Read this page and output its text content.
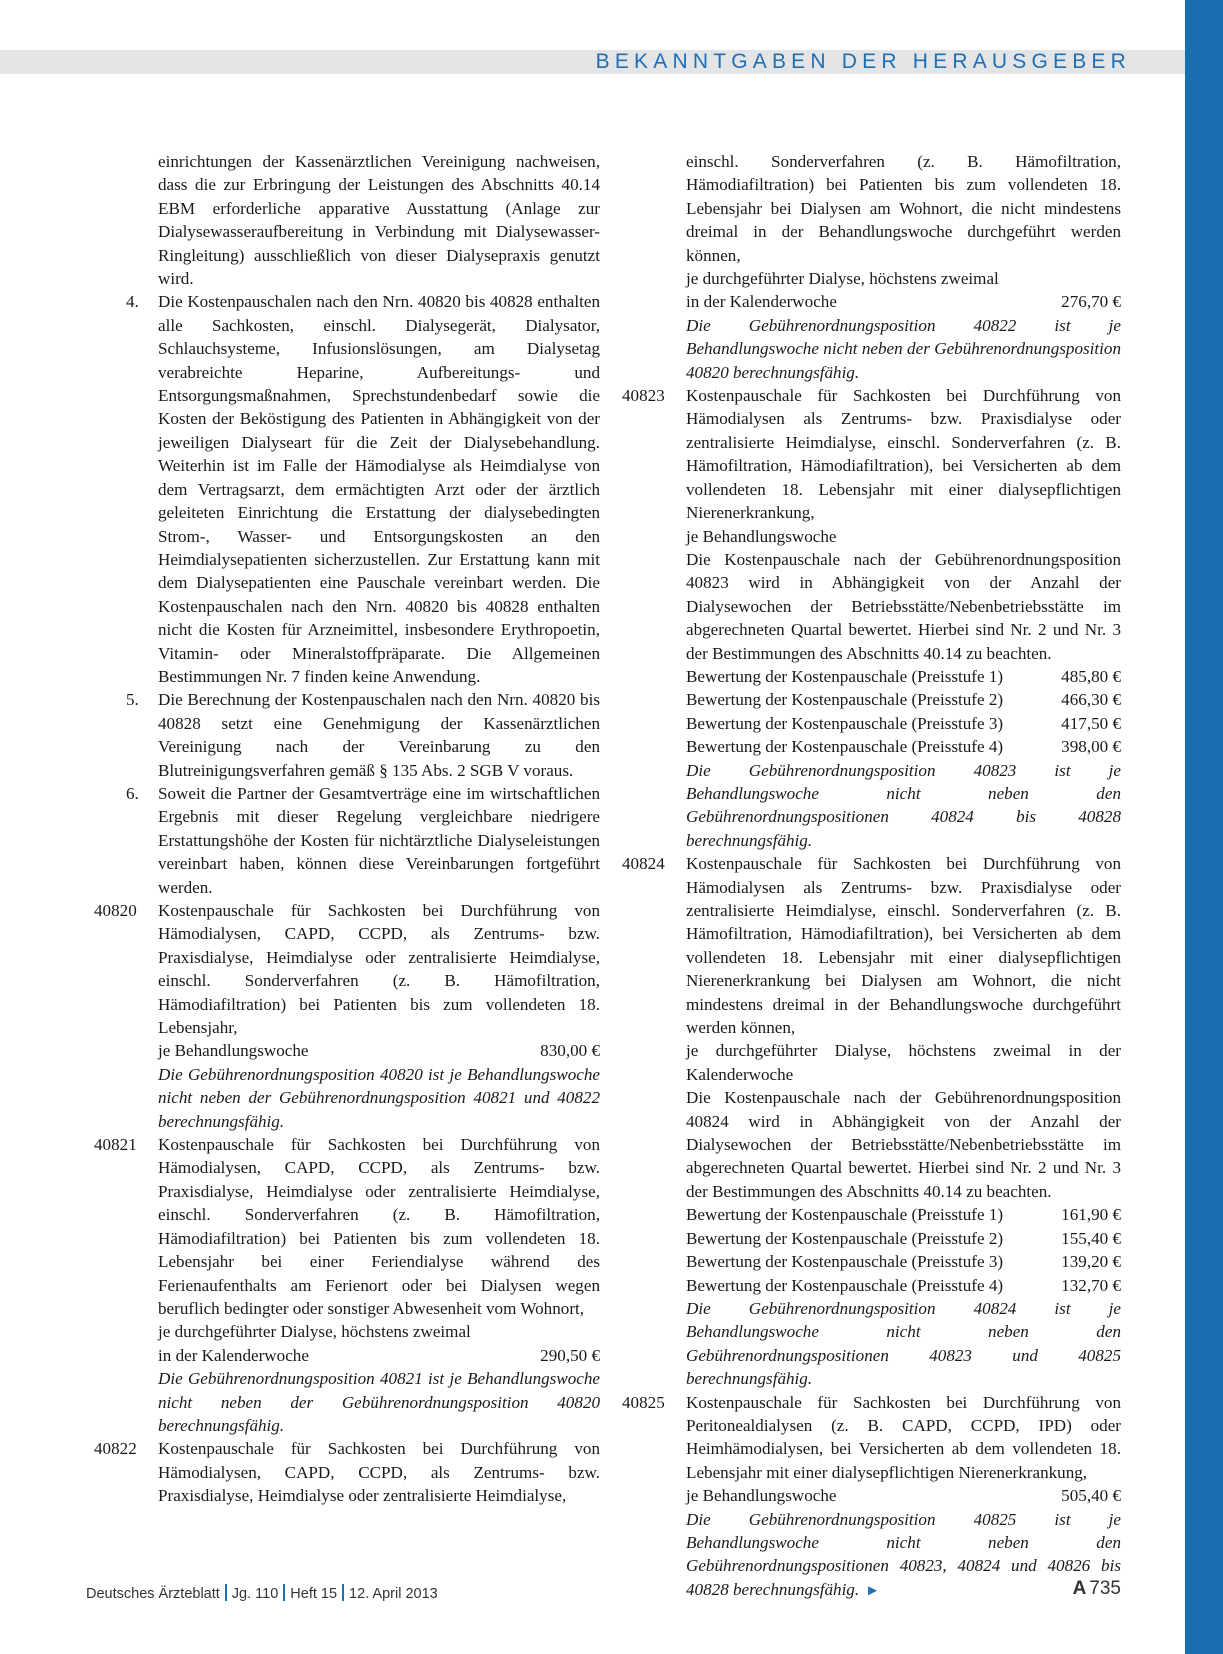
BEKANNTGABEN DER HERAUSGEBER
einrichtungen der Kassenärztlichen Vereinigung nachweisen, dass die zur Erbringung der Leistungen des Abschnitts 40.14 EBM erforderliche apparative Ausstattung (Anlage zur Dialysewasseraufbereitung in Verbindung mit Dialysewasser-Ringleitung) ausschließlich von dieser Dialysepraxis genutzt wird.
4. Die Kostenpauschalen nach den Nrn. 40820 bis 40828 enthalten alle Sachkosten, einschl. Dialysegerät, Dialysator, Schlauchsysteme, Infusionslösungen, am Dialysetag verabreichte Heparine, Aufbereitungs- und Entsorgungsmaßnahmen, Sprechstundenbedarf sowie die Kosten der Beköstigung des Patienten in Abhängigkeit von der jeweiligen Dialyseart für die Zeit der Dialysebehandlung. Weiterhin ist im Falle der Hämodialyse als Heimdialyse von dem Vertragsarzt, dem ermächtigten Arzt oder der ärztlich geleiteten Einrichtung die Erstattung der dialysebedingten Strom-, Wasser- und Entsorgungskosten an den Heimdialysepatienten sicherzustellen. Zur Erstattung kann mit dem Dialysepatienten eine Pauschale vereinbart werden. Die Kostenpauschalen nach den Nrn. 40820 bis 40828 enthalten nicht die Kosten für Arzneimittel, insbesondere Erythropoetin, Vitamin- oder Mineralstoffpräparate. Die Allgemeinen Bestimmungen Nr. 7 finden keine Anwendung.
5. Die Berechnung der Kostenpauschalen nach den Nrn. 40820 bis 40828 setzt eine Genehmigung der Kassenärztlichen Vereinigung nach der Vereinbarung zu den Blutreinigungsverfahren gemäß § 135 Abs. 2 SGB V voraus.
6. Soweit die Partner der Gesamtverträge eine im wirtschaftlichen Ergebnis mit dieser Regelung vergleichbare niedrigere Erstattungshöhe der Kosten für nichtärztliche Dialyseleistungen vereinbart haben, können diese Vereinbarungen fortgeführt werden.
40820 Kostenpauschale für Sachkosten bei Durchführung von Hämodialysen, CAPD, CCPD, als Zentrums- bzw. Praxisdialyse, Heimdialyse oder zentralisierte Heimdialyse, einschl. Sonderverfahren (z. B. Hämofiltration, Hämodiafiltration) bei Patienten bis zum vollendeten 18. Lebensjahr,
je Behandlungswoche	830,00 €
Die Gebührenordnungsposition 40820 ist je Behandlungswoche nicht neben der Gebührenordnungsposition 40821 und 40822 berechnungsfähig.
40821 Kostenpauschale für Sachkosten bei Durchführung von Hämodialysen, CAPD, CCPD, als Zentrums- bzw. Praxisdialyse, Heimdialyse oder zentralisierte Heimdialyse, einschl. Sonderverfahren (z. B. Hämofiltration, Hämodiafiltration) bei Patienten bis zum vollendeten 18. Lebensjahr bei einer Feriendialyse während des Ferienaufenthalts am Ferienort oder bei Dialysen wegen beruflich bedingter oder sonstiger Abwesenheit vom Wohnort,
je durchgeführter Dialyse, höchstens zweimal
in der Kalenderwoche	290,50 €
Die Gebührenordnungsposition 40821 ist je Behandlungswoche nicht neben der Gebührenordnungsposition 40820 berechnungsfähig.
40822 Kostenpauschale für Sachkosten bei Durchführung von Hämodialysen, CAPD, CCPD, als Zentrums- bzw. Praxisdialyse, Heimdialyse oder zentralisierte Heimdialyse,
einschl. Sonderverfahren (z. B. Hämofiltration, Hämodiafiltration) bei Patienten bis zum vollendeten 18. Lebensjahr bei Dialysen am Wohnort, die nicht mindestens dreimal in der Behandlungswoche durchgeführt werden können,
je durchgeführter Dialyse, höchstens zweimal
in der Kalenderwoche	276,70 €
Die Gebührenordnungsposition 40822 ist je Behandlungswoche nicht neben der Gebührenordnungsposition 40820 berechnungsfähig.
40823 Kostenpauschale für Sachkosten bei Durchführung von Hämodialysen als Zentrums- bzw. Praxisdialyse oder zentralisierte Heimdialyse, einschl. Sonderverfahren (z. B. Hämofiltration, Hämodiafiltration), bei Versicherten ab dem vollendeten 18. Lebensjahr mit einer dialysepflichtigen Nierenerkrankung,
je Behandlungswoche
Die Kostenpauschale nach der Gebührenordnungsposition 40823 wird in Abhängigkeit von der Anzahl der Dialysewochen der Betriebsstätte/Nebenbetriebsstätte im abgerechneten Quartal bewertet. Hierbei sind Nr. 2 und Nr. 3 der Bestimmungen des Abschnitts 40.14 zu beachten.
Bewertung der Kostenpauschale (Preisstufe 1)	485,80 €
Bewertung der Kostenpauschale (Preisstufe 2)	466,30 €
Bewertung der Kostenpauschale (Preisstufe 3)	417,50 €
Bewertung der Kostenpauschale (Preisstufe 4)	398,00 €
Die Gebührenordnungsposition 40823 ist je Behandlungswoche nicht neben den Gebührenordnungspositionen 40824 bis 40828 berechnungsfähig.
40824 Kostenpauschale für Sachkosten bei Durchführung von Hämodialysen als Zentrums- bzw. Praxisdialyse oder zentralisierte Heimdialyse, einschl. Sonderverfahren (z. B. Hämofiltration, Hämodiafiltration), bei Versicherten ab dem vollendeten 18. Lebensjahr mit einer dialysepflichtigen Nierenerkrankung bei Dialysen am Wohnort, die nicht mindestens dreimal in der Behandlungswoche durchgeführt werden können,
je durchgeführter Dialyse, höchstens zweimal in der Kalenderwoche
Die Kostenpauschale nach der Gebührenordnungsposition 40824 wird in Abhängigkeit von der Anzahl der Dialysewochen der Betriebsstätte/Nebenbetriebsstätte im abgerechneten Quartal bewertet. Hierbei sind Nr. 2 und Nr. 3 der Bestimmungen des Abschnitts 40.14 zu beachten.
Bewertung der Kostenpauschale (Preisstufe 1)	161,90 €
Bewertung der Kostenpauschale (Preisstufe 2)	155,40 €
Bewertung der Kostenpauschale (Preisstufe 3)	139,20 €
Bewertung der Kostenpauschale (Preisstufe 4)	132,70 €
Die Gebührenordnungsposition 40824 ist je Behandlungswoche nicht neben den Gebührenordnungspositionen 40823 und 40825 berechnungsfähig.
40825 Kostenpauschale für Sachkosten bei Durchführung von Peritonealdialysen (z. B. CAPD, CCPD, IPD) oder Heimhämodialysen, bei Versicherten ab dem vollendeten 18. Lebensjahr mit einer dialysepflichtigen Nierenerkrankung,
je Behandlungswoche	505,40 €
Die Gebührenordnungsposition 40825 ist je Behandlungswoche nicht neben den Gebührenordnungspositionen 40823, 40824 und 40826 bis 40828 berechnungsfähig. ►
Deutsches Ärzteblatt Jg. 110 Heft 15 12. April 2013	A 735
